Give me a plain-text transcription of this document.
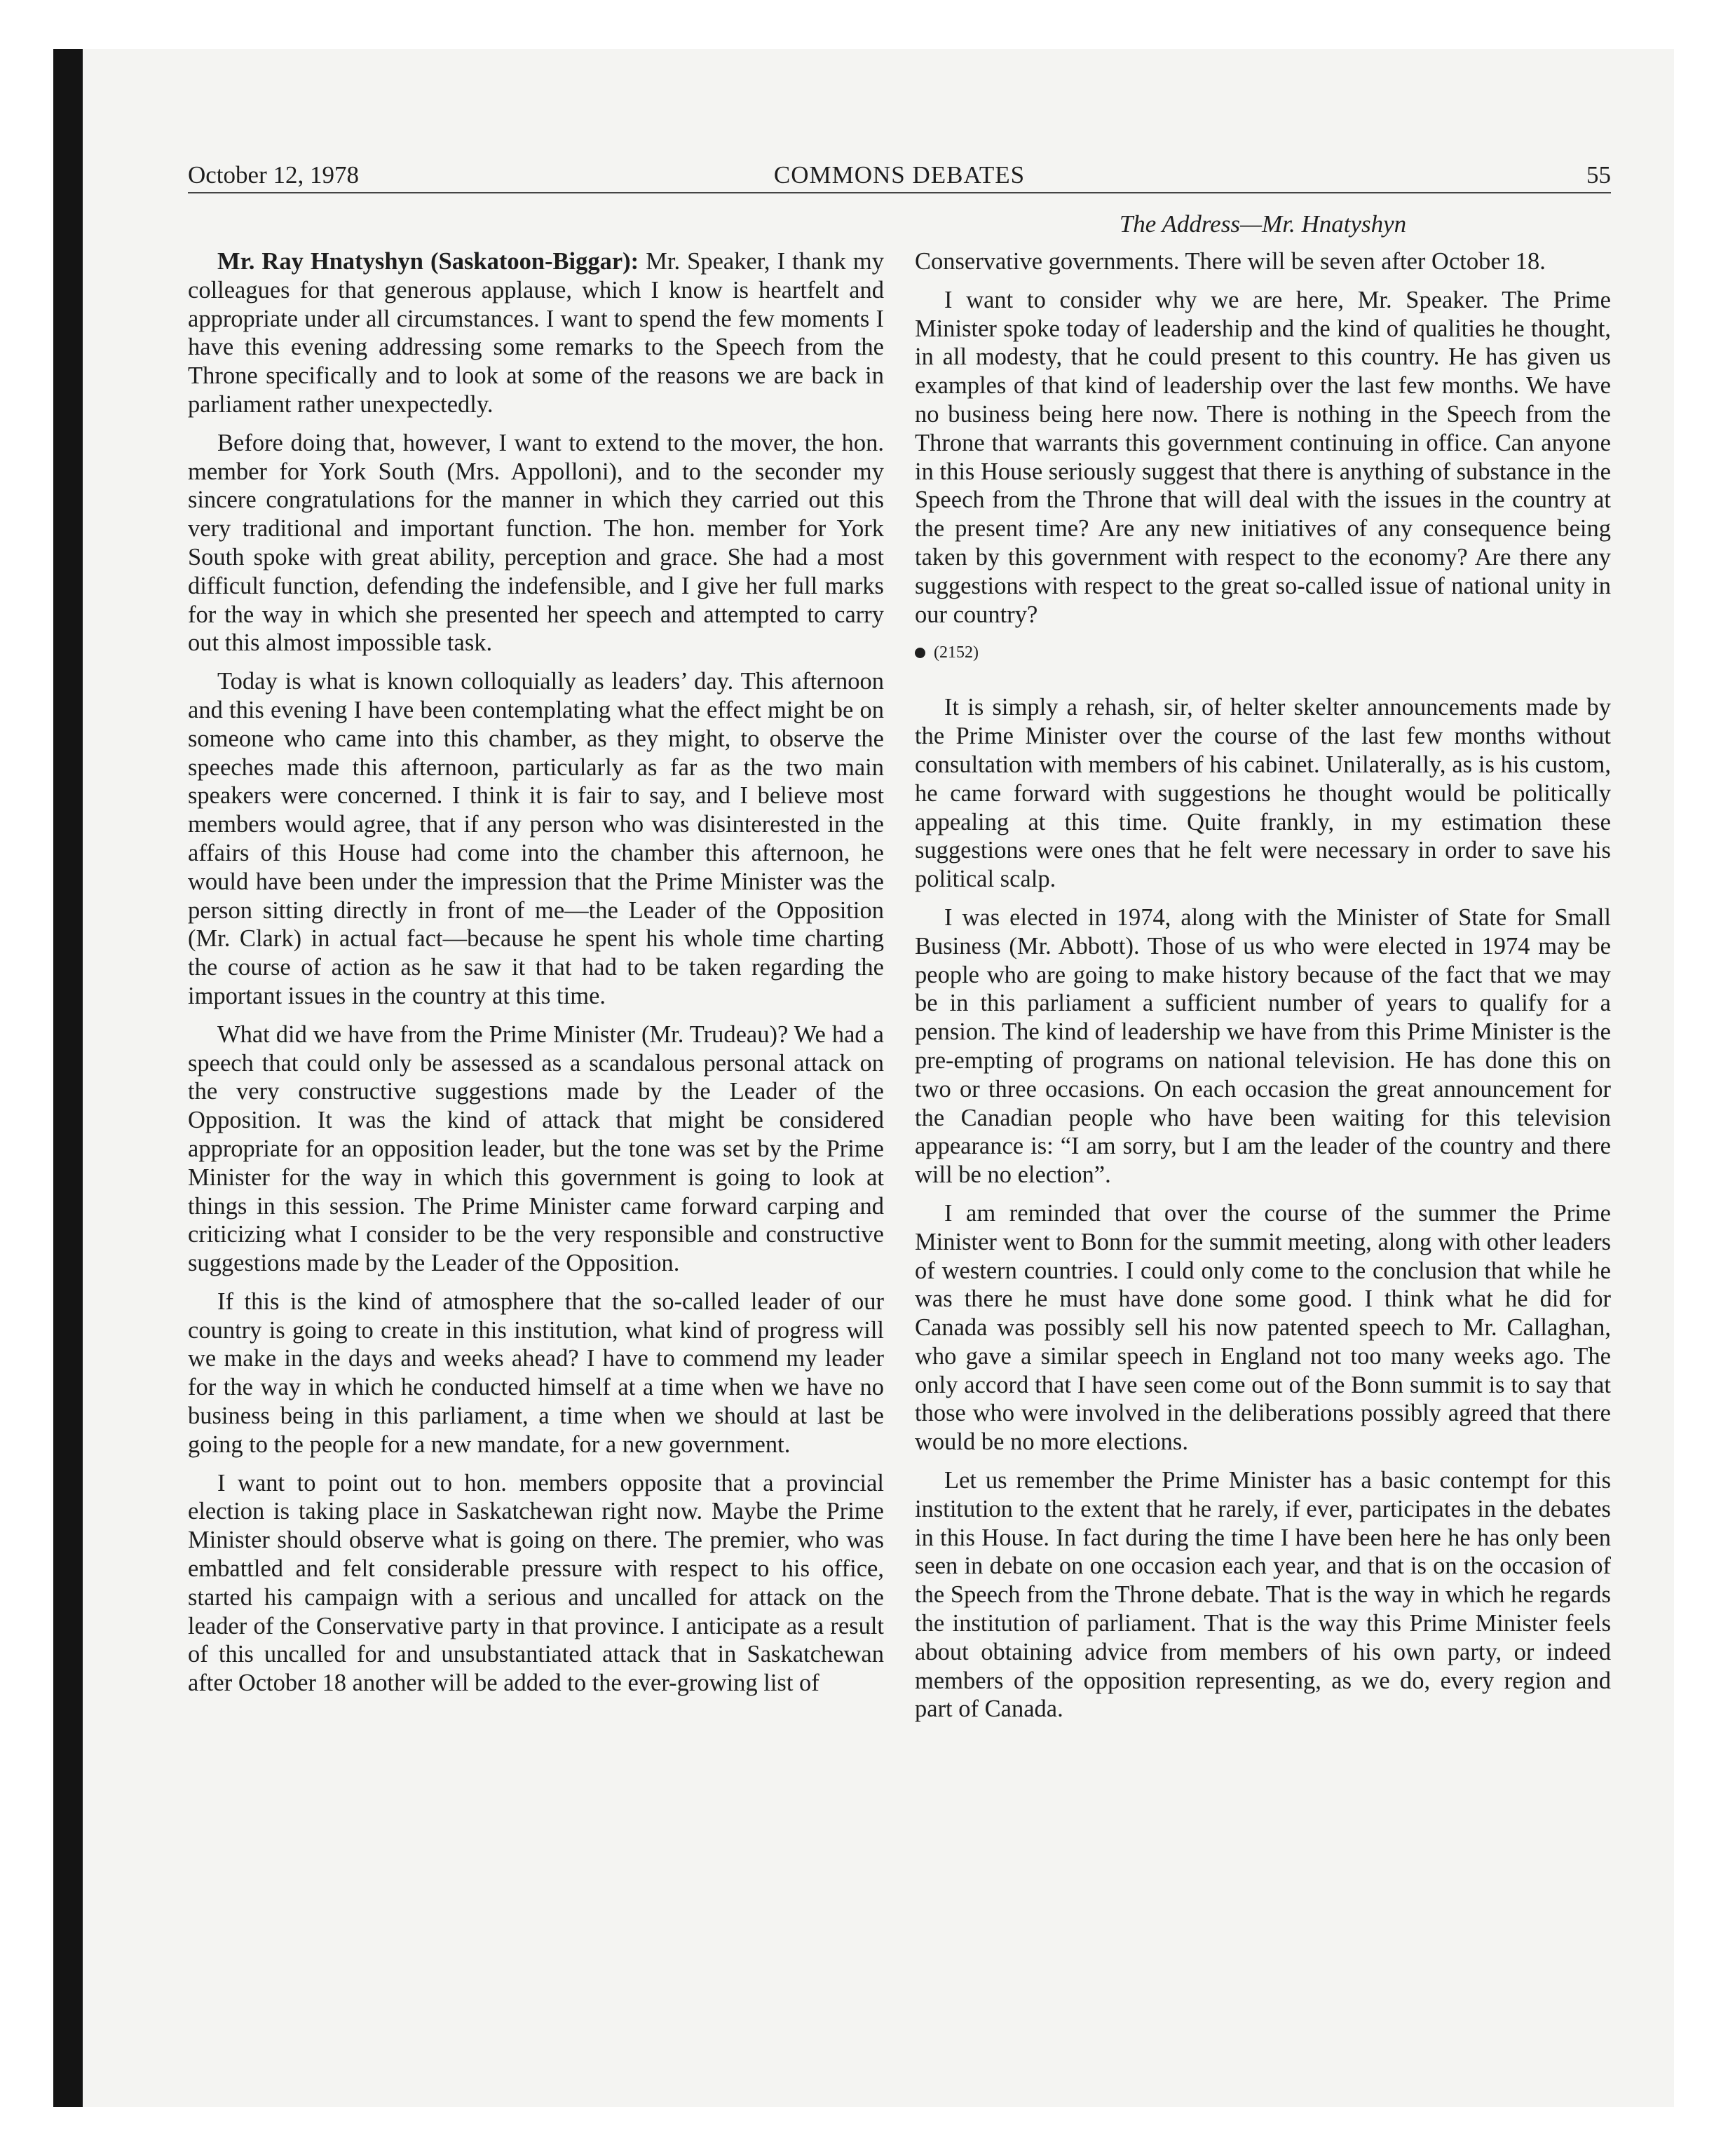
October 12, 1978	COMMONS DEBATES	55
The Address—Mr. Hnatyshyn

Mr. Ray Hnatyshyn (Saskatoon-Biggar): Mr. Speaker, I thank my colleagues for that generous applause, which I know is heartfelt and appropriate under all circumstances. I want to spend the few moments I have this evening addressing some remarks to the Speech from the Throne specifically and to look at some of the reasons we are back in parliament rather unexpectedly.

Before doing that, however, I want to extend to the mover, the hon. member for York South (Mrs. Appolloni), and to the seconder my sincere congratulations for the manner in which they carried out this very traditional and important function. The hon. member for York South spoke with great ability, perception and grace. She had a most difficult function, defending the indefensible, and I give her full marks for the way in which she presented her speech and attempted to carry out this almost impossible task.

Today is what is known colloquially as leaders’ day. This afternoon and this evening I have been contemplating what the effect might be on someone who came into this chamber, as they might, to observe the speeches made this afternoon, particularly as far as the two main speakers were concerned. I think it is fair to say, and I believe most members would agree, that if any person who was disinterested in the affairs of this House had come into the chamber this afternoon, he would have been under the impression that the Prime Minister was the person sitting directly in front of me—the Leader of the Opposition (Mr. Clark) in actual fact—because he spent his whole time charting the course of action as he saw it that had to be taken regarding the important issues in the country at this time.

What did we have from the Prime Minister (Mr. Trudeau)? We had a speech that could only be assessed as a scandalous personal attack on the very constructive suggestions made by the Leader of the Opposition. It was the kind of attack that might be considered appropriate for an opposition leader, but the tone was set by the Prime Minister for the way in which this government is going to look at things in this session. The Prime Minister came forward carping and criticizing what I consider to be the very responsible and constructive suggestions made by the Leader of the Opposition.

If this is the kind of atmosphere that the so-called leader of our country is going to create in this institution, what kind of progress will we make in the days and weeks ahead? I have to commend my leader for the way in which he conducted himself at a time when we have no business being in this parliament, a time when we should at last be going to the people for a new mandate, for a new government.

I want to point out to hon. members opposite that a provincial election is taking place in Saskatchewan right now. Maybe the Prime Minister should observe what is going on there. The premier, who was embattled and felt considerable pressure with respect to his office, started his campaign with a serious and uncalled for attack on the leader of the Conservative party in that province. I anticipate as a result of this uncalled for and unsubstantiated attack that in Saskatchewan after October 18 another will be added to the ever-growing list of

Conservative governments. There will be seven after October 18.

I want to consider why we are here, Mr. Speaker. The Prime Minister spoke today of leadership and the kind of qualities he thought, in all modesty, that he could present to this country. He has given us examples of that kind of leadership over the last few months. We have no business being here now. There is nothing in the Speech from the Throne that warrants this government continuing in office. Can anyone in this House seriously suggest that there is anything of substance in the Speech from the Throne that will deal with the issues in the country at the present time? Are any new initiatives of any consequence being taken by this government with respect to the economy? Are there any suggestions with respect to the great so-called issue of national unity in our country?

(2152)

It is simply a rehash, sir, of helter skelter announcements made by the Prime Minister over the course of the last few months without consultation with members of his cabinet. Unilaterally, as is his custom, he came forward with suggestions he thought would be politically appealing at this time. Quite frankly, in my estimation these suggestions were ones that he felt were necessary in order to save his political scalp.

I was elected in 1974, along with the Minister of State for Small Business (Mr. Abbott). Those of us who were elected in 1974 may be people who are going to make history because of the fact that we may be in this parliament a sufficient number of years to qualify for a pension. The kind of leadership we have from this Prime Minister is the pre-empting of programs on national television. He has done this on two or three occasions. On each occasion the great announcement for the Canadian people who have been waiting for this television appearance is: “I am sorry, but I am the leader of the country and there will be no election”.

I am reminded that over the course of the summer the Prime Minister went to Bonn for the summit meeting, along with other leaders of western countries. I could only come to the conclusion that while he was there he must have done some good. I think what he did for Canada was possibly sell his now patented speech to Mr. Callaghan, who gave a similar speech in England not too many weeks ago. The only accord that I have seen come out of the Bonn summit is to say that those who were involved in the deliberations possibly agreed that there would be no more elections.

Let us remember the Prime Minister has a basic contempt for this institution to the extent that he rarely, if ever, participates in the debates in this House. In fact during the time I have been here he has only been seen in debate on one occasion each year, and that is on the occasion of the Speech from the Throne debate. That is the way in which he regards the institution of parliament. That is the way this Prime Minister feels about obtaining advice from members of his own party, or indeed members of the opposition representing, as we do, every region and part of Canada.
